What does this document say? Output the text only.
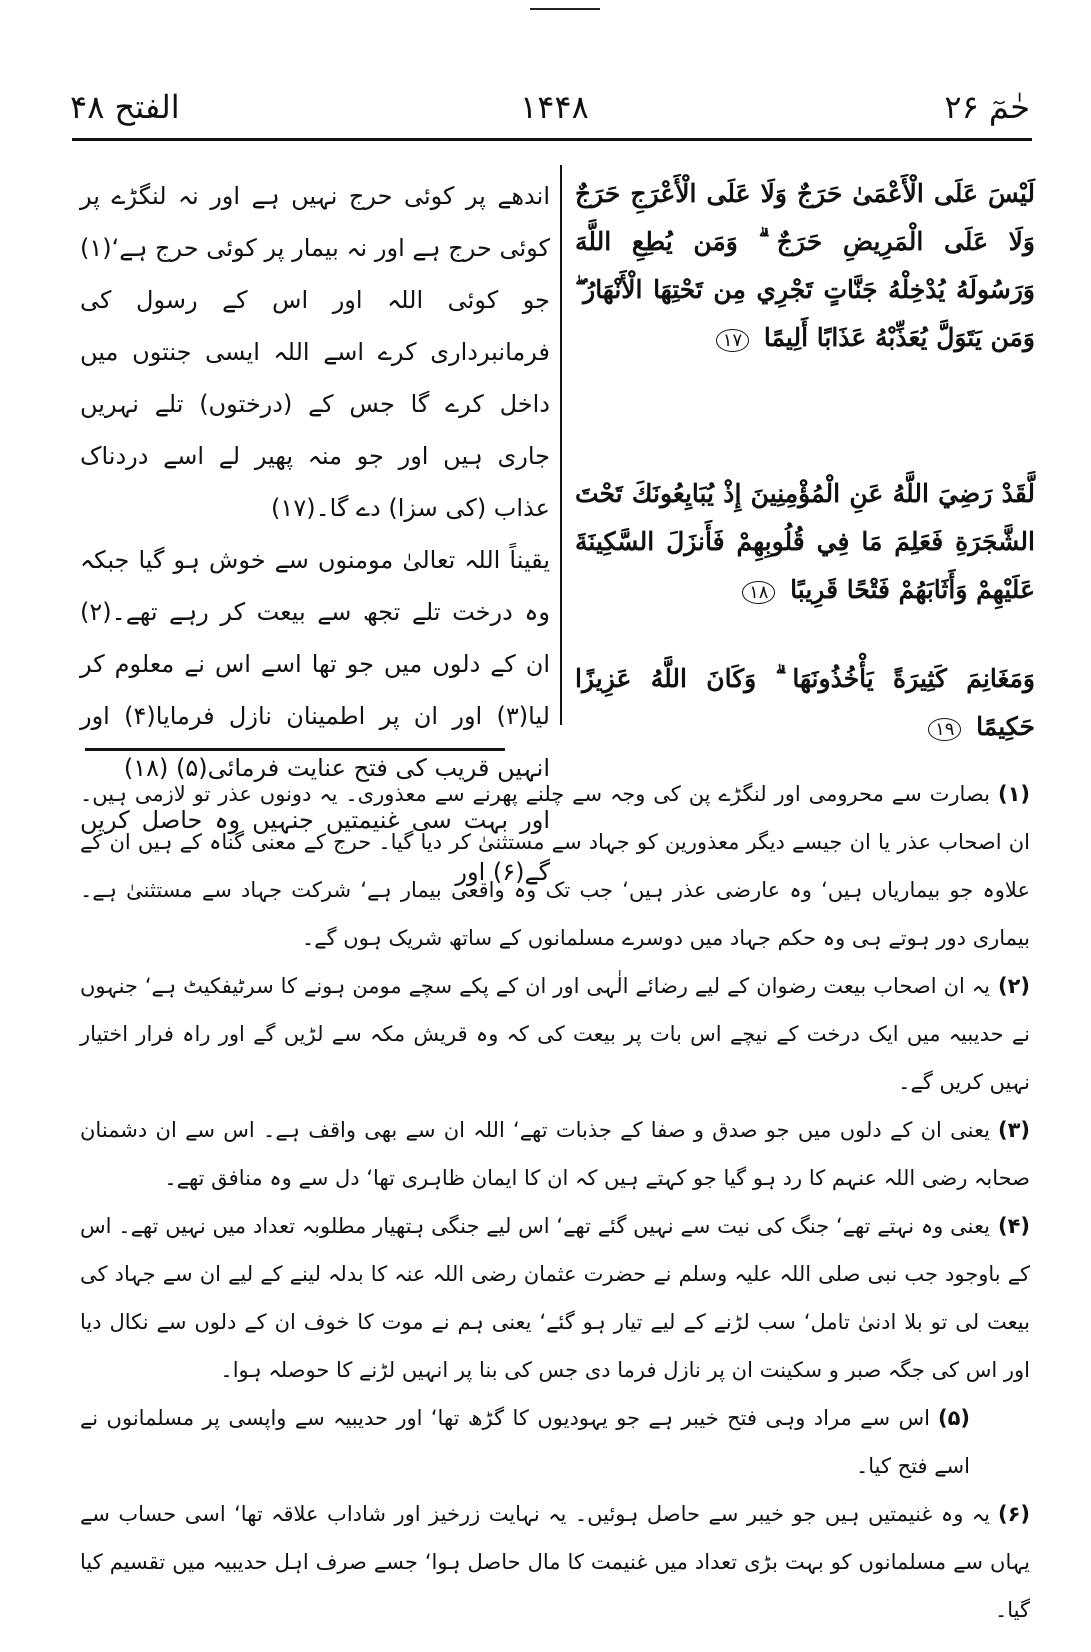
الفتح ۴۸	۱۴۴۸	حٰمٓ ۲۶
لَيْسَ عَلَى الْأَعْمَىٰ حَرَجٌ وَلَا عَلَى الْأَعْرَجِ حَرَجٌ وَلَا عَلَى الْمَرِيضِ حَرَجٌ ۗ وَمَن يُطِعِ اللَّهَ وَرَسُولَهُ يُدْخِلْهُ جَنَّاتٍ تَجْرِي مِن تَحْتِهَا الْأَنْهَارُ ۖ وَمَن يَتَوَلَّ يُعَذِّبْهُ عَذَابًا أَلِيمًا ۱۷
لَّقَدْ رَضِيَ اللَّهُ عَنِ الْمُؤْمِنِينَ إِذْ يُبَايِعُونَكَ تَحْتَ الشَّجَرَةِ فَعَلِمَ مَا فِي قُلُوبِهِمْ فَأَنزَلَ السَّكِينَةَ عَلَيْهِمْ وَأَثَابَهُمْ فَتْحًا قَرِيبًا ۱۸
وَمَغَانِمَ كَثِيرَةً يَأْخُذُونَهَا ۗ وَكَانَ اللَّهُ عَزِيزًا حَكِيمًا ۱۹

اندھے پر کوئی حرج نہیں ہے اور نہ لنگڑے پر کوئی حرج ہے اور نہ بیمار پر کوئی حرج ہے‘(۱) جو کوئی اللہ اور اس کے رسول کی فرمانبرداری کرے اسے اللہ ایسی جنتوں میں داخل کرے گا جس کے (درختوں) تلے نہریں جاری ہیں اور جو منہ پھیر لے اسے دردناک عذاب (کی سزا) دے گا۔(۱۷)

یقیناً اللہ تعالیٰ مومنوں سے خوش ہو گیا جبکہ وہ درخت تلے تجھ سے بیعت کر رہے تھے۔(۲) ان کے دلوں میں جو تھا اسے اس نے معلوم کر لیا(۳) اور ان پر اطمینان نازل فرمایا(۴) اور انہیں قریب کی فتح عنایت فرمائی(۵) (۱۸)

اور بہت سی غنیمتیں جنہیں وہ حاصل کریں گے(۶) اور

(۱)بصارت سے محرومی اور لنگڑے پن کی وجہ سے چلنے پھرنے سے معذوری۔ یہ دونوں عذر تو لازمی ہیں۔ ان اصحاب عذر یا ان جیسے دیگر معذورین کو جہاد سے مستثنیٰ کر دیا گیا۔ حرج کے معنی گناہ کے ہیں ان کے علاوہ جو بیماریاں ہیں‘ وہ عارضی عذر ہیں‘ جب تک وہ واقعی بیمار ہے‘ شرکت جہاد سے مستثنیٰ ہے۔ بیماری دور ہوتے ہی وہ حکم جہاد میں دوسرے مسلمانوں کے ساتھ شریک ہوں گے۔

(۲)یہ ان اصحاب بیعت رضوان کے لیے رضائے الٰہی اور ان کے پکے سچے مومن ہونے کا سرٹیفکیٹ ہے‘ جنہوں نے حدیبیہ میں ایک درخت کے نیچے اس بات پر بیعت کی کہ وہ قریش مکہ سے لڑیں گے اور راہ فرار اختیار نہیں کریں گے۔

(۳)یعنی ان کے دلوں میں جو صدق و صفا کے جذبات تھے‘ اللہ ان سے بھی واقف ہے۔ اس سے ان دشمنان صحابہ رضی اللہ عنہم کا رد ہو گیا جو کہتے ہیں کہ ان کا ایمان ظاہری تھا‘ دل سے وہ منافق تھے۔

(۴)یعنی وہ نہتے تھے‘ جنگ کی نیت سے نہیں گئے تھے‘ اس لیے جنگی ہتھیار مطلوبہ تعداد میں نہیں تھے۔ اس کے باوجود جب نبی صلی اللہ علیہ وسلم نے حضرت عثمان رضی اللہ عنہ کا بدلہ لینے کے لیے ان سے جہاد کی بیعت لی تو بلا ادنیٰ تامل‘ سب لڑنے کے لیے تیار ہو گئے‘ یعنی ہم نے موت کا خوف ان کے دلوں سے نکال دیا اور اس کی جگہ صبر و سکینت ان پر نازل فرما دی جس کی بنا پر انہیں لڑنے کا حوصلہ ہوا۔

(۵)اس سے مراد وہی فتح خیبر ہے جو یہودیوں کا گڑھ تھا‘ اور حدیبیہ سے واپسی پر مسلمانوں نے اسے فتح کیا۔

(۶)یہ وہ غنیمتیں ہیں جو خیبر سے حاصل ہوئیں۔ یہ نہایت زرخیز اور شاداب علاقہ تھا‘ اسی حساب سے یہاں سے مسلمانوں کو بہت بڑی تعداد میں غنیمت کا مال حاصل ہوا‘ جسے صرف اہل حدیبیہ میں تقسیم کیا گیا۔
